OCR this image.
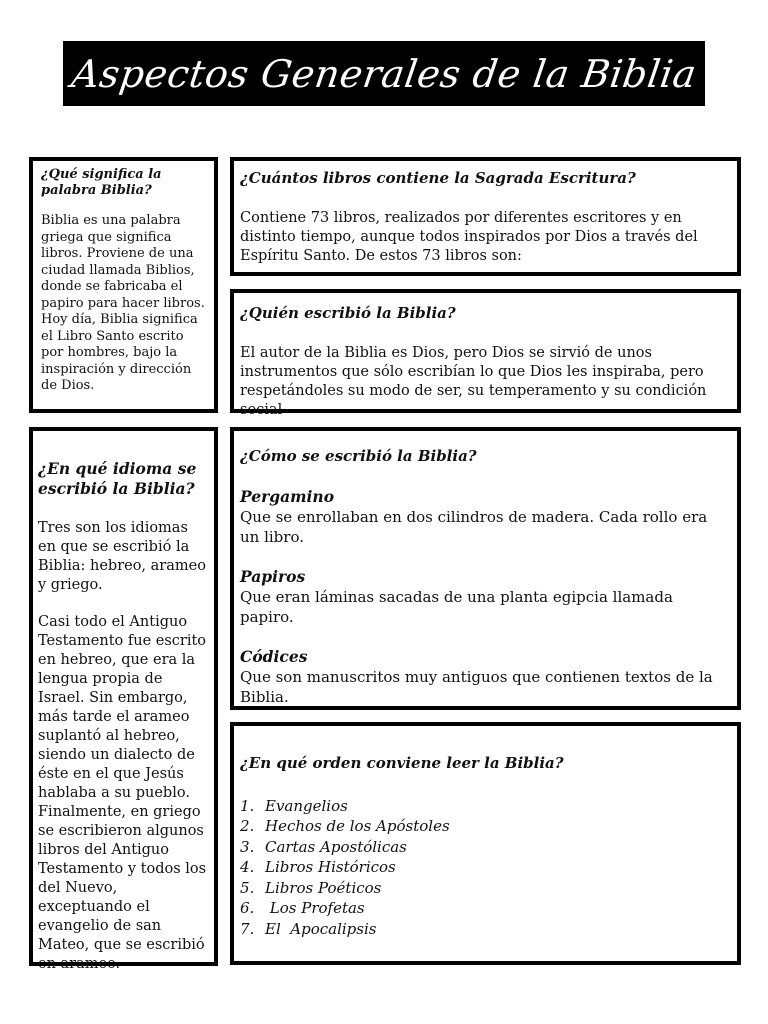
Aspectos Generales de la Biblia

¿Qué significa la palabra Biblia?

Biblia es una palabra griega que significa libros. Proviene de una ciudad llamada Biblios, donde se fabricaba el papiro para hacer libros. Hoy día, Biblia significa el Libro Santo escrito por hombres, bajo la inspiración y dirección de Dios.

¿Cuántos libros contiene la Sagrada Escritura?

Contiene 73 libros, realizados por diferentes escritores y en distinto tiempo, aunque todos inspirados por Dios a través del Espíritu Santo. De estos 73 libros son:

¿Quién escribió la Biblia?

El autor de la Biblia es Dios, pero Dios se sirvió de unos instrumentos que sólo escribían lo que Dios les inspiraba, pero respetándoles su modo de ser, su temperamento y su condición social

¿En qué idioma se escribió la Biblia?

Tres son los idiomas en que se escribió la Biblia: hebreo, arameo y griego.

Casi todo el Antiguo Testamento fue escrito en hebreo, que era la lengua propia de Israel. Sin embargo, más tarde el arameo suplantó al hebreo, siendo un dialecto de éste en el que Jesús hablaba a su pueblo. Finalmente, en griego se escribieron algunos libros del Antiguo Testamento y todos los del Nuevo, exceptuando el evangelio de san Mateo, que se escribió en arameo.

¿Cómo se escribió la Biblia?

Pergamino

Que se enrollaban en dos cilindros de madera. Cada rollo era un libro.

Papiros

Que eran láminas sacadas de una planta egipcia llamada papiro.

Códices

Que son manuscritos muy antiguos que contienen textos de la Biblia.

¿En qué orden conviene leer la Biblia?

1. Evangelios
2. Hechos de los Apóstoles
3. Cartas Apostólicas
4. Libros Históricos
5. Libros Poéticos
6. Los Profetas
7. El  Apocalipsis
